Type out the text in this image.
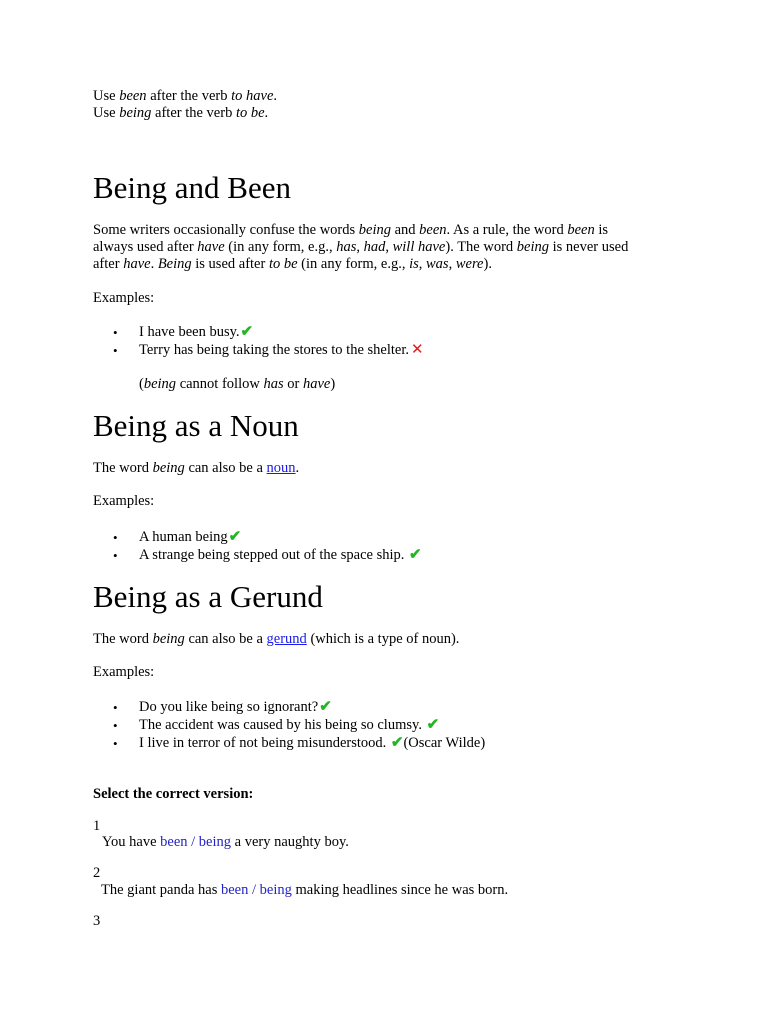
Use been after the verb to have.
Use being after the verb to be.
Being and Been
Some writers occasionally confuse the words being and been. As a rule, the word been is
always used after have (in any form, e.g., has, had, will have). The word being is never used
after have. Being is used after to be (in any form, e.g., is, was, were).
Examples:
• I have been busy.✔
• Terry has being taking the stores to the shelter. ✕
(being cannot follow has or have)
Being as a Noun
The word being can also be a noun.
Examples:
• A human being✔
• A strange being stepped out of the space ship. ✔
Being as a Gerund
The word being can also be a gerund (which is a type of noun).
Examples:
• Do you like being so ignorant?✔
• The accident was caused by his being so clumsy. ✔
• I live in terror of not being misunderstood. ✔(Oscar Wilde)
Select the correct version:
1
You have been / being a very naughty boy.
2
The giant panda has been / being making headlines since he was born.
3
